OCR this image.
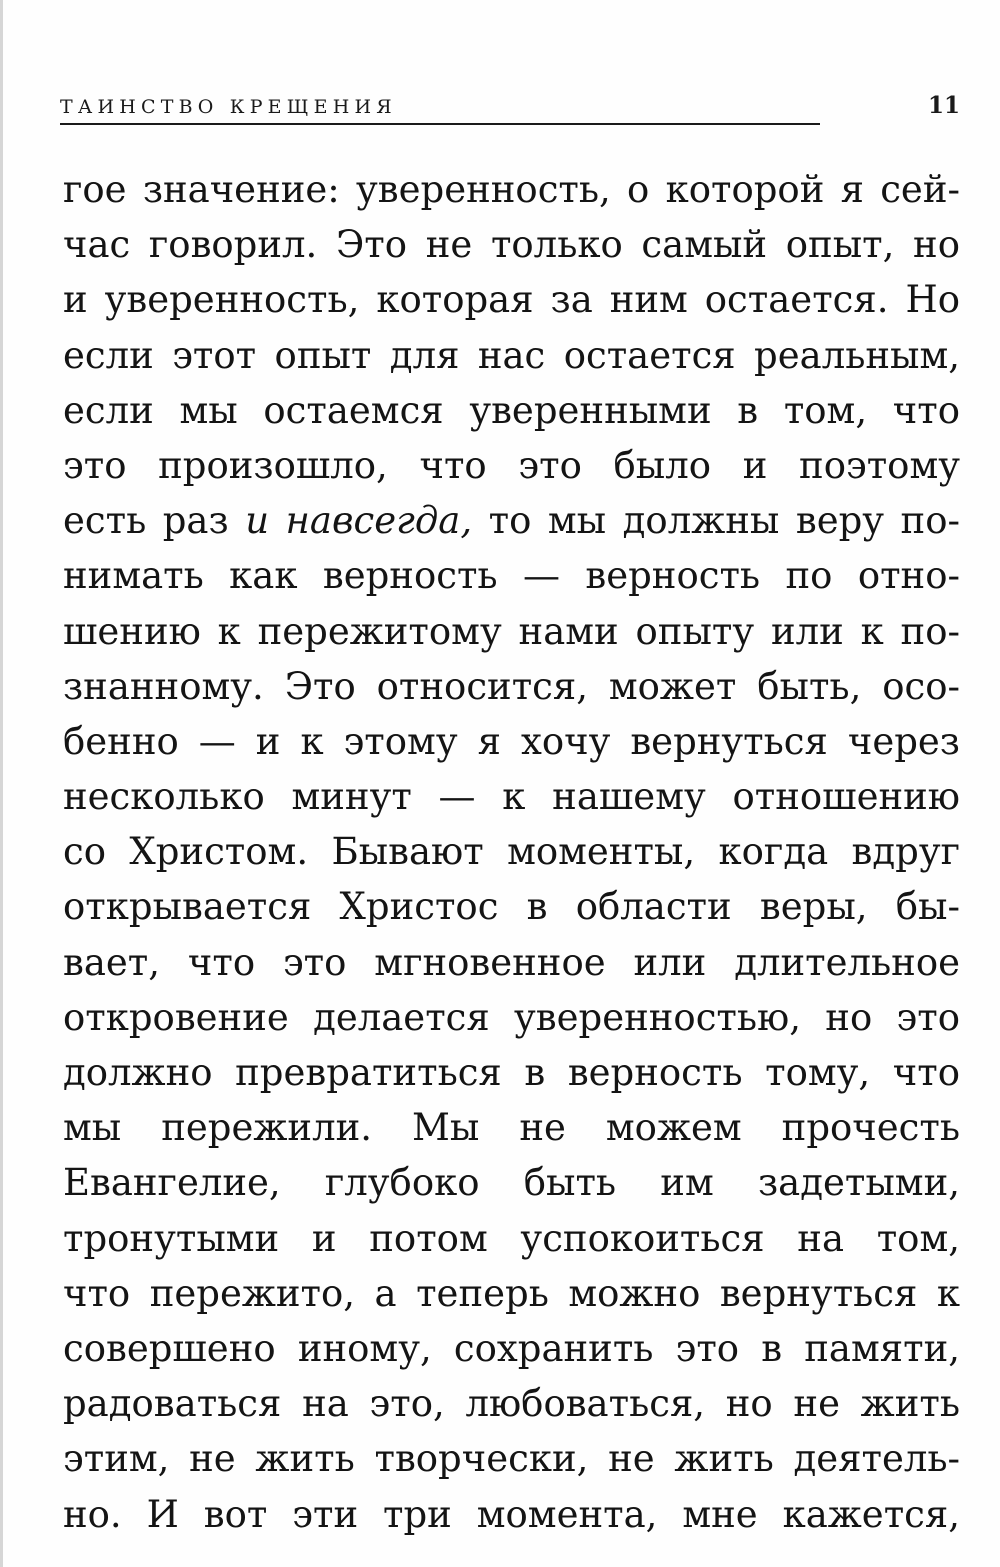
ТАИНСТВО КРЕЩЕНИЯ	11
гое значение: уверенность, о которой я сей-
час говорил. Это не только самый опыт, но
и уверенность, которая за ним остается. Но
если этот опыт для нас остается реальным,
если мы остаемся уверенными в том, что
это произошло, что это было и поэтому
есть раз и навсегда, то мы должны веру по-
нимать как верность — верность по отно-
шению к пережитому нами опыту или к по-
знанному. Это относится, может быть, осо-
бенно — и к этому я хочу вернуться через
несколько минут — к нашему отношению
со Христом. Бывают моменты, когда вдруг
открывается Христос в области веры, бы-
вает, что это мгновенное или длительное
откровение делается уверенностью, но это
должно превратиться в верность тому, что
мы пережили. Мы не можем прочесть
Евангелие, глубоко быть им задетыми,
тронутыми и потом успокоиться на том,
что пережито, а теперь можно вернуться к
совершено иному, сохранить это в памяти,
радоваться на это, любоваться, но не жить
этим, не жить творчески, не жить деятель-
но. И вот эти три момента, мне кажется,
